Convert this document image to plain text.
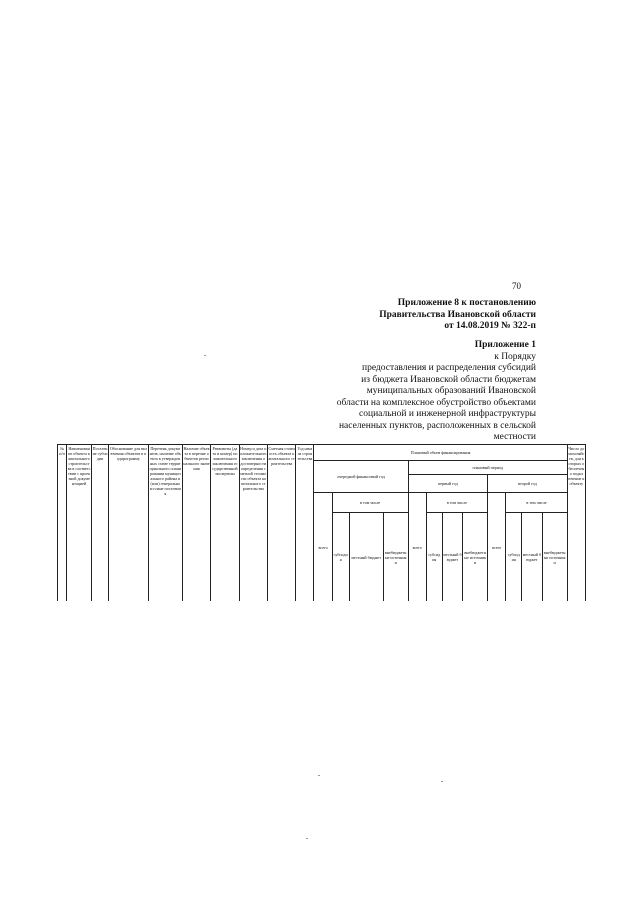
70
Приложение 8 к постановлению
Правительства Ивановской области
от 14.08.2019 № 322-п
Приложение 1
к Порядку
предоставления и распределения субсидий
из бюджета Ивановской области бюджетам
муниципальных образований Ивановской
области на комплексное обустройство объектами
социальной и инженерной инфраструктуры
населенных пунктов, расположенных в сельской
местности
№ п/п	Наименование объекта капитального строительства в соответствии с проектной документацией	Поселение субсидии	Обоснование для включения объектов в подпрограмму	Перечень документов, наличие объекта в утвержденных схеме территориального планирования муниципального района и (или) генеральном плане поселения	Наличие объекта в перечне объектов регионального значения	Реквизиты (дата и номер) положительного заключения государственной экспертизы	Номер и дата положительного заключения о достоверности определения сметной стоимости объекта капитального строительства	Сметная стоимость объекта капитального строительства	Год начала строительства	Плановый объем финансирования												Число домохозяйств, для которых обеспечено подключение к объекту
										очередной финансовый год				плановый период								
														первый год				второй год				
										всего	в том числе			всего	в том числе			всего	в том числе			
											субсидия	местный бюджет	внебюджетные источники		субсидия	местный бюджет	внебюджетные источники		субсидия	местный бюджет	внебюджетные источники	
